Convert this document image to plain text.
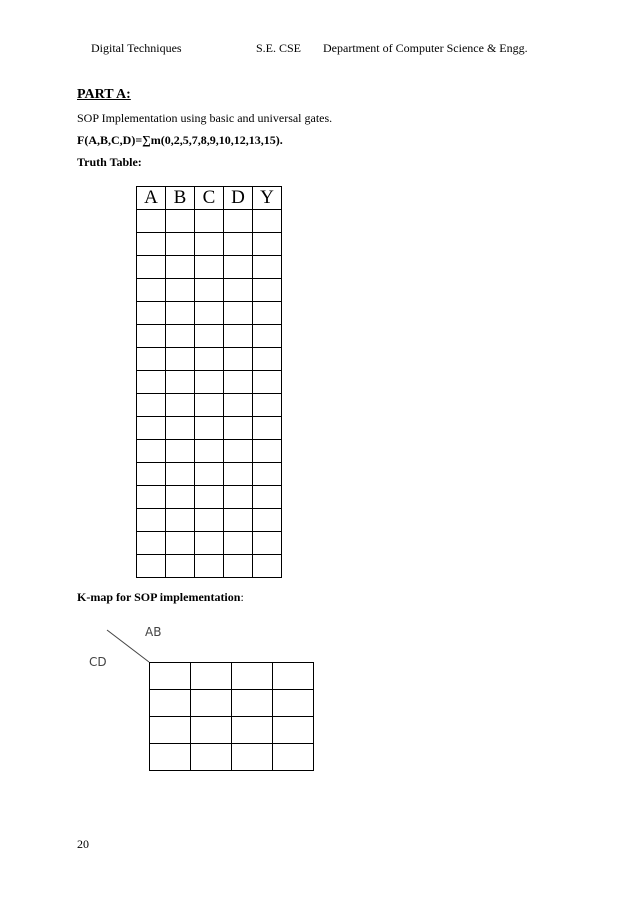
Digital Techniques	S.E. CSE Department of Computer Science & Engg.
PART A:
SOP Implementation using basic and universal gates.
F(A,B,C,D)=∑m(0,2,5,7,8,9,10,12,13,15).
Truth Table:
A	B	C	D	Y

K-map for SOP implementation:
AB
CD

20
